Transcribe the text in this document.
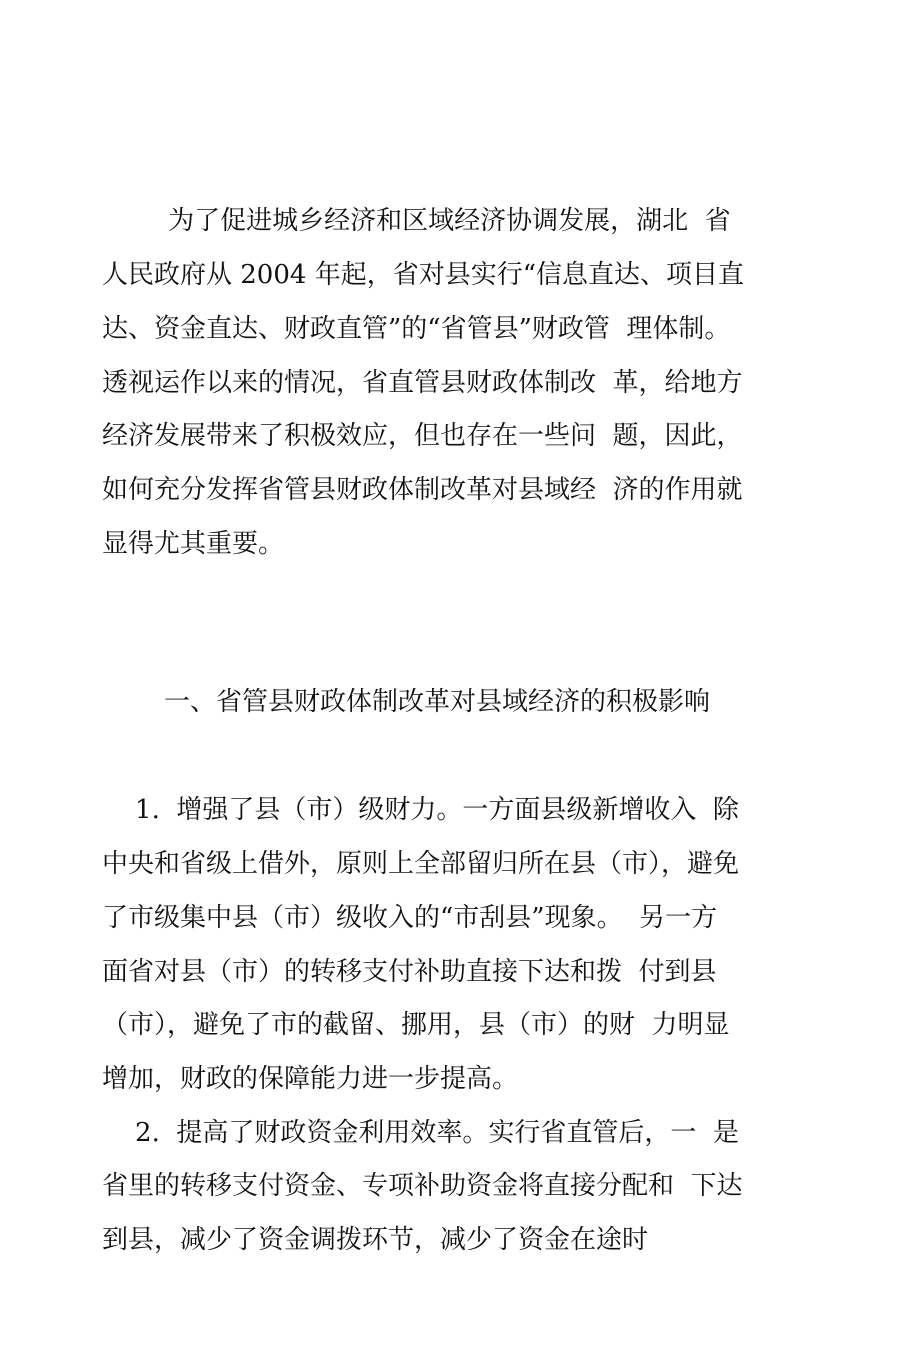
为了促进城乡经济和区域经济协调发展，湖北  省
人民政府从 2004 年起，省对县实行“信息直达、项目直
达、资金直达、财政直管”的“省管县”财政管  理体制。
透视运作以来的情况，省直管县财政体制改  革，给地方
经济发展带来了积极效应，但也存在一些问  题，因此，
如何充分发挥省管县财政体制改革对县域经  济的作用就
显得尤其重要。
一、省管县财政体制改革对县域经济的积极影响
1.  增强了县（市）级财力。一方面县级新增收入  除
中央和省级上借外，原则上全部留归所在县（市），避免
了市级集中县（市）级收入的“市刮县”现象。  另一方
面省对县（市）的转移支付补助直接下达和拨  付到县
（市），避免了市的截留、挪用，县（市）的财  力明显
增加，财政的保障能力进一步提高。
2.  提高了财政资金利用效率。实行省直管后，一  是
省里的转移支付资金、专项补助资金将直接分配和  下达
到县，减少了资金调拨环节，减少了资金在途时
